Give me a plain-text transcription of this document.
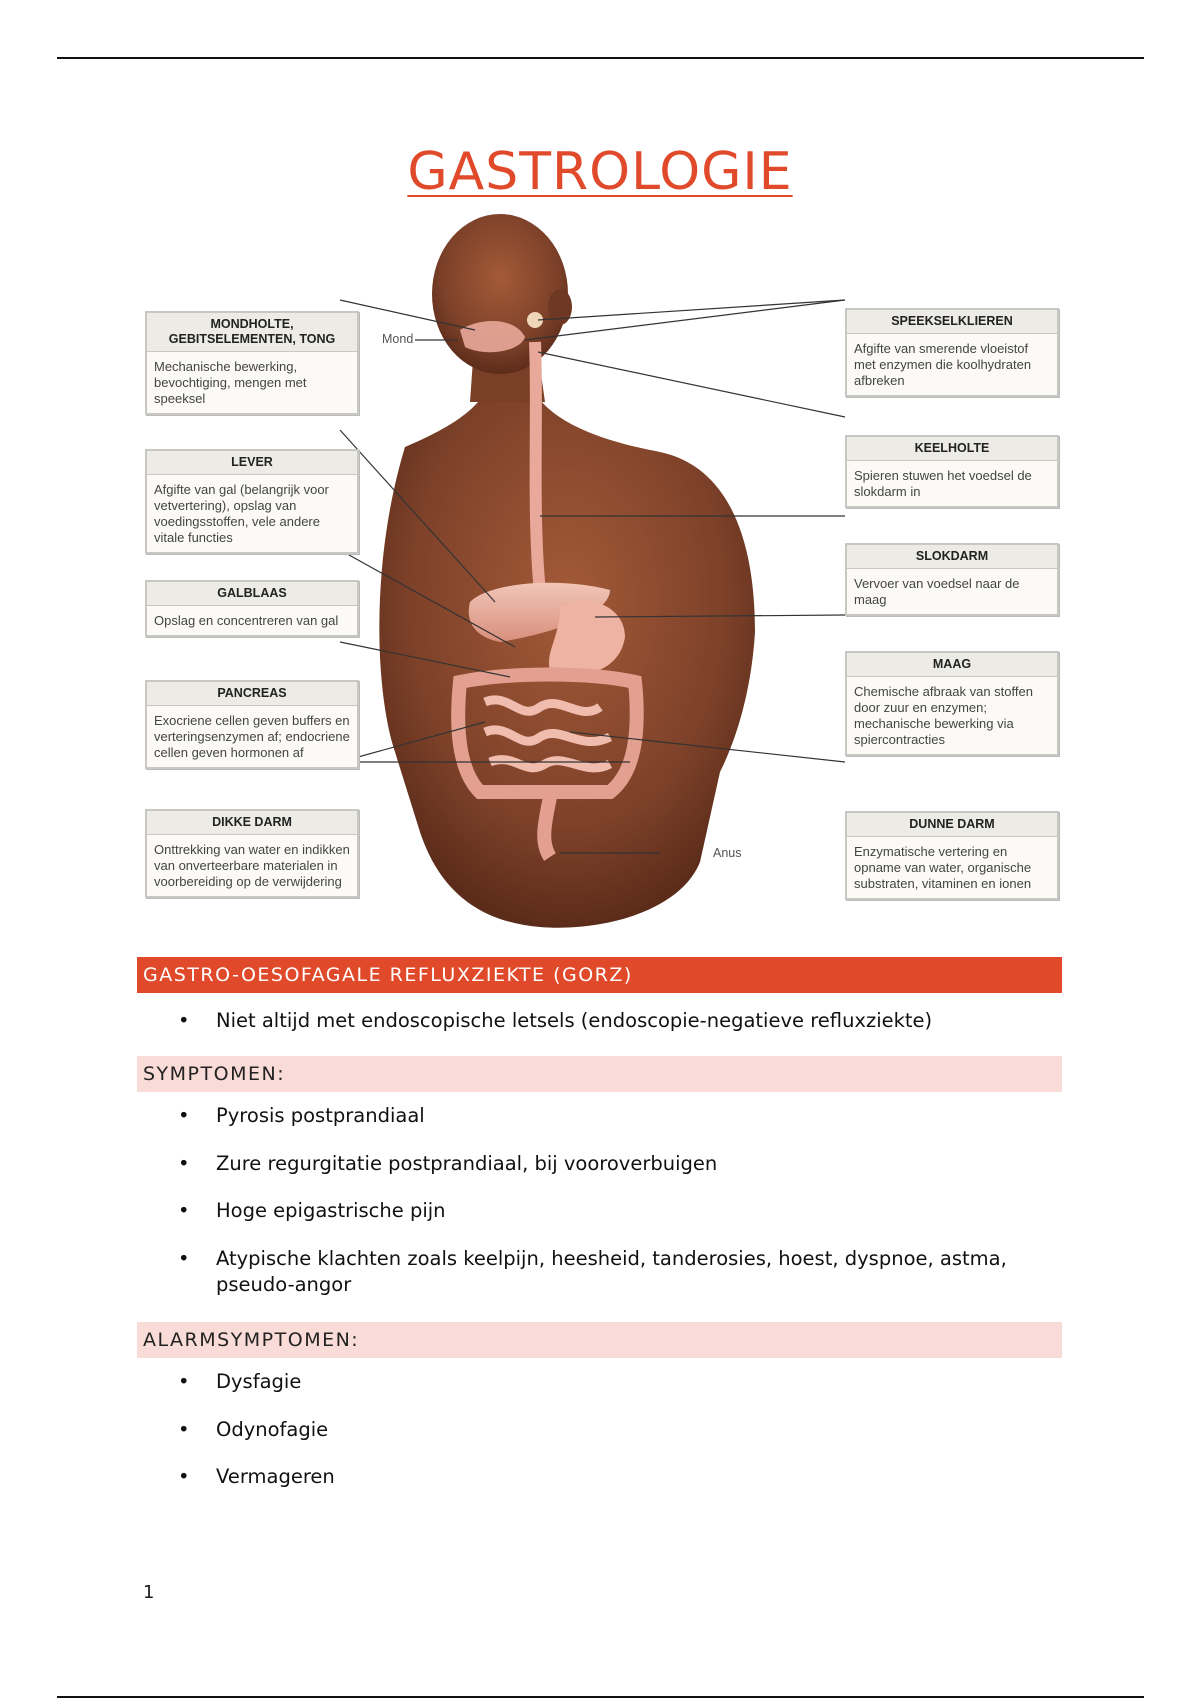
GASTROLOGIE
Mond
Anus
MONDHOLTE, GEBITSELEMENTEN, TONG
Mechanische bewerking, bevochtiging, mengen met speeksel
LEVER
Afgifte van gal (belangrijk voor vetvertering), opslag van voedingsstoffen, vele andere vitale functies
GALBLAAS
Opslag en concentreren van gal
PANCREAS
Exocriene cellen geven buffers en verteringsenzymen af; endocriene cellen geven hormonen af
DIKKE DARM
Onttrekking van water en indikken van onverteerbare materialen in voorbereiding op de verwijdering
SPEEKSELKLIEREN
Afgifte van smerende vloeistof met enzymen die koolhydraten afbreken
KEELHOLTE
Spieren stuwen het voedsel de slokdarm in
SLOKDARM
Vervoer van voedsel naar de maag
MAAG
Chemische afbraak van stoffen door zuur en enzymen; mechanische bewerking via spiercontracties
DUNNE DARM
Enzymatische vertering en opname van water, organische substraten, vitaminen en ionen
GASTRO-OESOFAGALE REFLUXZIEKTE (GORZ)
•	Niet altijd met endoscopische letsels (endoscopie-negatieve refluxziekte)
SYMPTOMEN:
•	Pyrosis postprandiaal
•	Zure regurgitatie postprandiaal, bij vooroverbuigen
•	Hoge epigastrische pijn
•	Atypische klachten zoals keelpijn, heesheid, tanderosies, hoest, dyspnoe, astma, pseudo-angor
ALARMSYMPTOMEN:
•	Dysfagie
•	Odynofagie
•	Vermageren
1
